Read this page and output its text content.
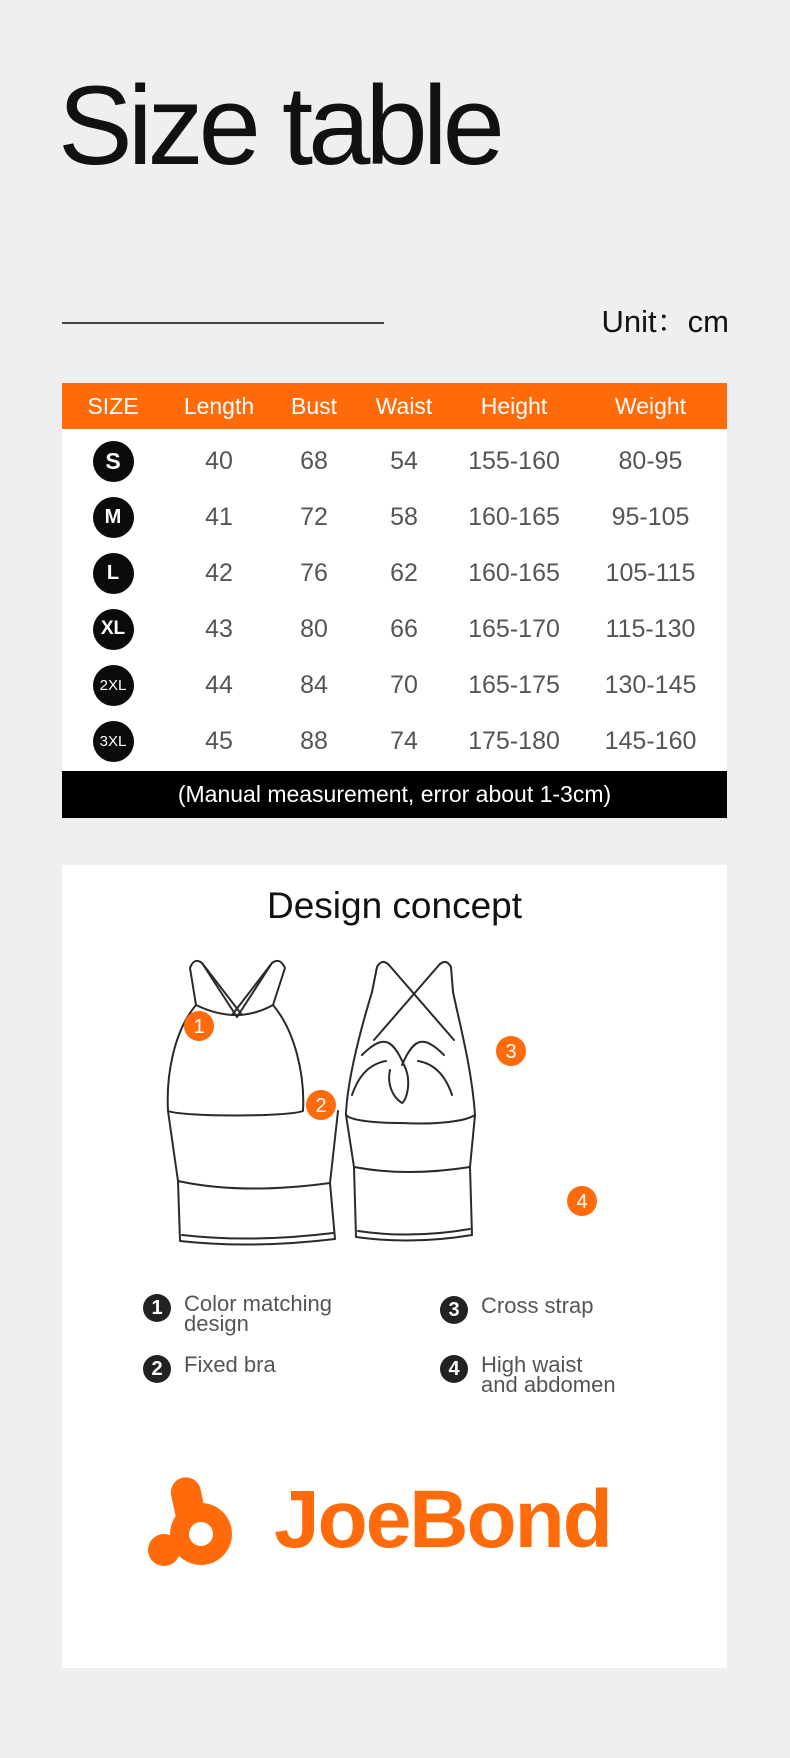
Size table
Unit：cm
SIZE	Length	Bust	Waist	Height	Weight
S	40	68	54	155-160	80-95
M	41	72	58	160-165	95-105
L	42	76	62	160-165	105-115
XL	43	80	66	165-170	115-130
2XL	44	84	70	165-175	130-145
3XL	45	88	74	175-180	145-160
(Manual measurement, error about 1-3cm)
Design concept
1
2
3
4
1 Color matching
design
2 Fixed bra
3 Cross strap
4 High waist
and abdomen
JoeBond
